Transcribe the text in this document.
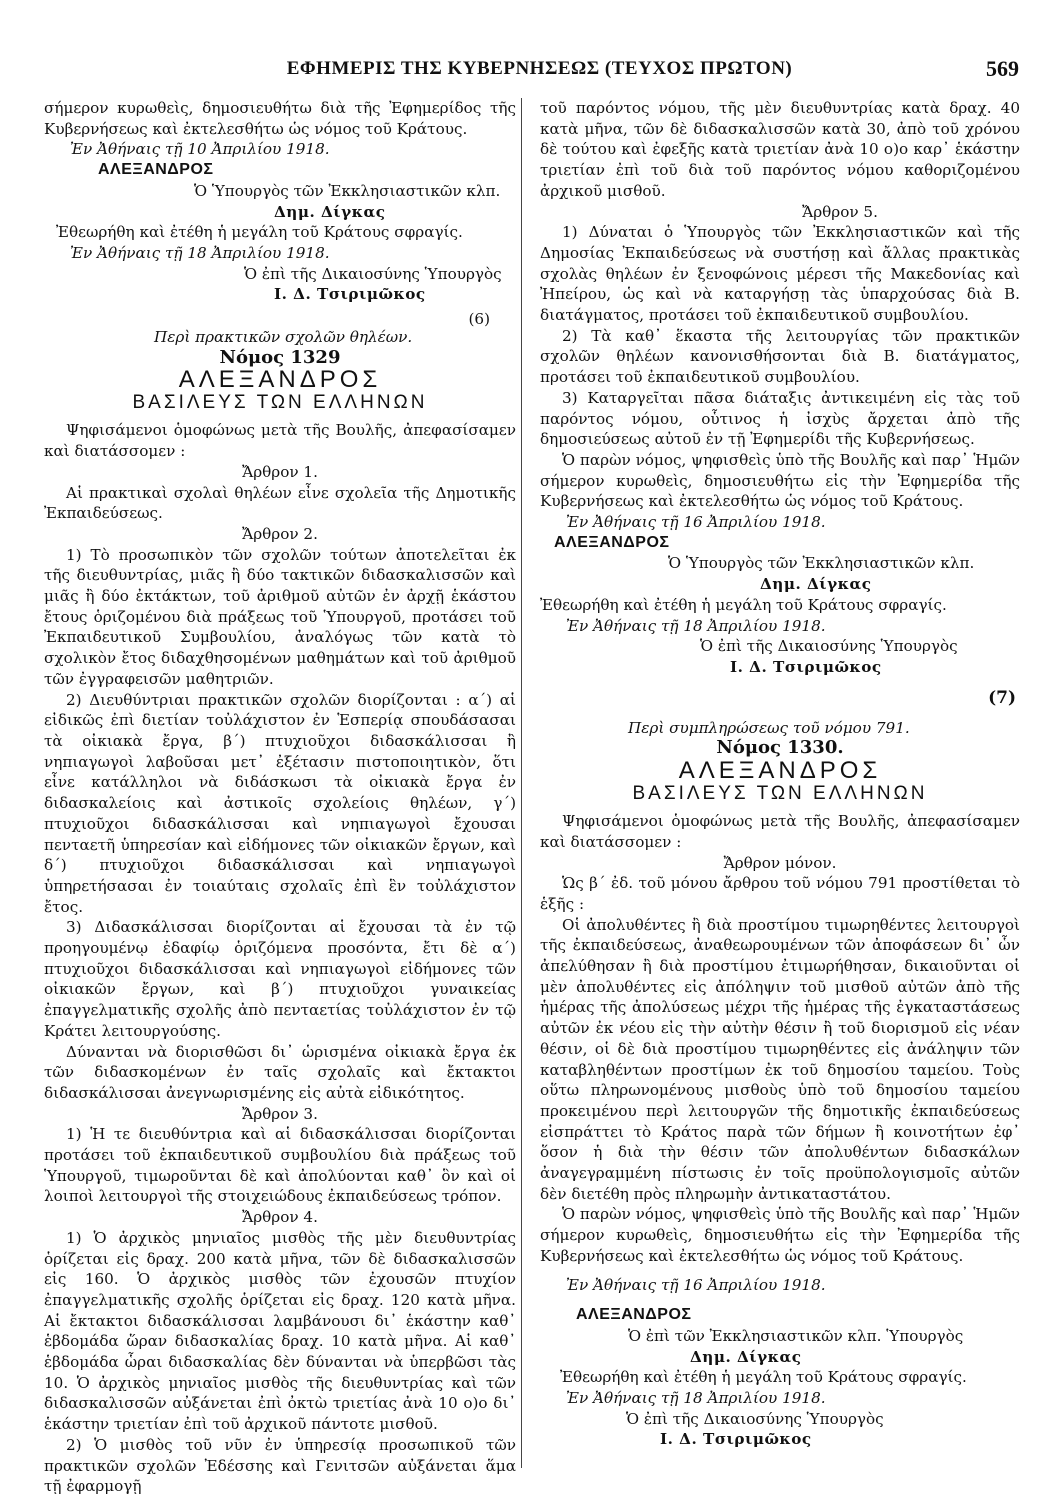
ΕΦΗΜΕΡΙΣ ΤΗΣ ΚΥΒΕΡΝΗΣΕΩΣ (ΤΕΥΧΟΣ ΠΡΩΤΟΝ)	569

σήμερον κυρωθεὶς, δημοσιευθήτω διὰ τῆς Ἐφημερίδος τῆς Κυβερνήσεως καὶ ἐκτελεσθήτω ὡς νόμος τοῦ Κράτους.

Ἐν Ἀθήναις τῇ 10 Ἀπριλίου 1918.

ΑΛΕΞΑΝΔΡΟΣ

Ὁ Ὑπουργὸς τῶν Ἐκκλησιαστικῶν κλπ.

Δημ. Δίγκας

Ἐθεωρήθη καὶ ἐτέθη ἡ μεγάλη τοῦ Κράτους σφραγίς.

Ἐν Ἀθήναις τῇ 18 Ἀπριλίου 1918.

Ὁ ἐπὶ τῆς Δικαιοσύνης Ὑπουργὸς

Ι. Δ. Τσιριμῶκος

(6)

Περὶ πρακτικῶν σχολῶν θηλέων.

Νόμος 1329

ΑΛΕΞΑΝΔΡΟΣ

ΒΑΣΙΛΕΥΣ ΤΩΝ ΕΛΛΗΝΩΝ

Ψηφισάμενοι ὁμοφώνως μετὰ τῆς Βουλῆς, ἀπεφασίσαμεν καὶ διατάσσομεν :

Ἄρθρον 1.

Αἱ πρακτικαὶ σχολαὶ θηλέων εἶνε σχολεῖα τῆς Δημοτικῆς Ἐκπαιδεύσεως.

Ἄρθρον 2.

1) Τὸ προσωπικὸν τῶν σχολῶν τούτων ἀποτελεῖται ἐκ τῆς διευθυντρίας, μιᾶς ἢ δύο τακτικῶν διδασκαλισσῶν καὶ μιᾶς ἢ δύο ἐκτάκτων, τοῦ ἀριθμοῦ αὐτῶν ἐν ἀρχῇ ἑκάστου ἔτους ὁριζομένου διὰ πράξεως τοῦ Ὑπουργοῦ, προτάσει τοῦ Ἐκπαιδευτικοῦ Συμβουλίου, ἀναλόγως τῶν κατὰ τὸ σχολικὸν ἔτος διδαχθησομένων μαθημάτων καὶ τοῦ ἀριθμοῦ τῶν ἐγγραφεισῶν μαθητριῶν.

2) Διευθύντριαι πρακτικῶν σχολῶν διορίζονται : α΄) αἱ εἰδικῶς ἐπὶ διετίαν τοὐλάχιστον ἐν Ἑσπερίᾳ σπουδάσασαι τὰ οἰκιακὰ ἔργα, β΄) πτυχιοῦχοι διδασκάλισσαι ἢ νηπιαγωγοὶ λαβοῦσαι μετ᾽ ἐξέτασιν πιστοποιητικὸν, ὅτι εἶνε κατάλληλοι νὰ διδάσκωσι τὰ οἰκιακὰ ἔργα ἐν διδασκαλείοις καὶ ἀστικοῖς σχολείοις θηλέων, γ΄) πτυχιοῦχοι διδασκάλισσαι καὶ νηπιαγωγοὶ ἔχουσαι πενταετῆ ὑπηρεσίαν καὶ εἰδήμονες τῶν οἰκιακῶν ἔργων, καὶ δ΄) πτυχιοῦχοι διδασκάλισσαι καὶ νηπιαγωγοὶ ὑπηρετήσασαι ἐν τοιαύταις σχολαῖς ἐπὶ ἓν τοὐλάχιστον ἔτος.

3) Διδασκάλισσαι διορίζονται αἱ ἔχουσαι τὰ ἐν τῷ προηγουμένῳ ἐδαφίῳ ὁριζόμενα προσόντα, ἔτι δὲ α΄) πτυχιοῦχοι διδασκάλισσαι καὶ νηπιαγωγοὶ εἰδήμονες τῶν οἰκιακῶν ἔργων, καὶ β΄) πτυχιοῦχοι γυναικείας ἐπαγγελματικῆς σχολῆς ἀπὸ πενταετίας τοὐλάχιστον ἐν τῷ Κράτει λειτουργούσης.

Δύνανται νὰ διορισθῶσι δι᾽ ὡρισμένα οἰκιακὰ ἔργα ἐκ τῶν διδασκομένων ἐν ταῖς σχολαῖς καὶ ἔκτακτοι διδασκάλισσαι ἀνεγνωρισμένης εἰς αὐτὰ εἰδικότητος.

Ἄρθρον 3.

1) Ἡ τε διευθύντρια καὶ αἱ διδασκάλισσαι διορίζονται προτάσει τοῦ ἐκπαιδευτικοῦ συμβουλίου διὰ πράξεως τοῦ Ὑπουργοῦ, τιμωροῦνται δὲ καὶ ἀπολύονται καθ᾽ ὃν καὶ οἱ λοιποὶ λειτουργοὶ τῆς στοιχειώδους ἐκπαιδεύσεως τρόπον.

Ἄρθρον 4.

1) Ὁ ἀρχικὸς μηνιαῖος μισθὸς τῆς μὲν διευθυντρίας ὁρίζεται εἰς δραχ. 200 κατὰ μῆνα, τῶν δὲ διδασκαλισσῶν εἰς 160. Ὁ ἀρχικὸς μισθὸς τῶν ἐχουσῶν πτυχίον ἐπαγγελματικῆς σχολῆς ὁρίζεται εἰς δραχ. 120 κατὰ μῆνα. Αἱ ἔκτακτοι διδασκάλισσαι λαμβάνουσι δι᾽ ἑκάστην καθ᾽ ἑβδομάδα ὥραν διδασκαλίας δραχ. 10 κατὰ μῆνα. Αἱ καθ᾽ ἑβδομάδα ὧραι διδασκαλίας δὲν δύνανται νὰ ὑπερβῶσι τὰς 10. Ὁ ἀρχικὸς μηνιαῖος μισθὸς τῆς διευθυντρίας καὶ τῶν διδασκαλισσῶν αὐξάνεται ἐπὶ ὀκτὼ τριετίας ἀνὰ 10 ο)ο δι᾽ ἑκάστην τριετίαν ἐπὶ τοῦ ἀρχικοῦ πάντοτε μισθοῦ.

2) Ὁ μισθὸς τοῦ νῦν ἐν ὑπηρεσίᾳ προσωπικοῦ τῶν πρακτικῶν σχολῶν Ἐδέσσης καὶ Γενιτσῶν αὐξάνεται ἅμα τῇ ἐφαρμογῇ

τοῦ παρόντος νόμου, τῆς μὲν διευθυντρίας κατὰ δραχ. 40 κατὰ μῆνα, τῶν δὲ διδασκαλισσῶν κατὰ 30, ἀπὸ τοῦ χρόνου δὲ τούτου καὶ ἐφεξῆς κατὰ τριετίαν ἀνὰ 10 ο)ο καρ᾽ ἑκάστην τριετίαν ἐπὶ τοῦ διὰ τοῦ παρόντος νόμου καθοριζομένου ἀρχικοῦ μισθοῦ.

Ἄρθρον 5.

1) Δύναται ὁ Ὑπουργὸς τῶν Ἐκκλησιαστικῶν καὶ τῆς Δημοσίας Ἐκπαιδεύσεως νὰ συστήσῃ καὶ ἄλλας πρακτικὰς σχολὰς θηλέων ἐν ξενοφώνοις μέρεσι τῆς Μακεδονίας καὶ Ἠπείρου, ὡς καὶ νὰ καταργήσῃ τὰς ὑπαρχούσας διὰ Β. διατάγματος, προτάσει τοῦ ἐκπαιδευτικοῦ συμβουλίου.

2) Τὰ καθ᾽ ἕκαστα τῆς λειτουργίας τῶν πρακτικῶν σχολῶν θηλέων κανονισθήσονται διὰ Β. διατάγματος, προτάσει τοῦ ἐκπαιδευτικοῦ συμβουλίου.

3) Καταργεῖται πᾶσα διάταξις ἀντικειμένη εἰς τὰς τοῦ παρόντος νόμου, οὗτινος ἡ ἰσχὺς ἄρχεται ἀπὸ τῆς δημοσιεύσεως αὐτοῦ ἐν τῇ Ἐφημερίδι τῆς Κυβερνήσεως.

Ὁ παρὼν νόμος, ψηφισθεὶς ὑπὸ τῆς Βουλῆς καὶ παρ᾽ Ἡμῶν σήμερον κυρωθεὶς, δημοσιευθήτω εἰς τὴν Ἐφημερίδα τῆς Κυβερνήσεως καὶ ἐκτελεσθήτω ὡς νόμος τοῦ Κράτους.

Ἐν Ἀθήναις τῇ 16 Ἀπριλίου 1918.

ΑΛΕΞΑΝΔΡΟΣ

Ὁ Ὑπουργὸς τῶν Ἐκκλησιαστικῶν κλπ.

Δημ. Δίγκας

Ἐθεωρήθη καὶ ἐτέθη ἡ μεγάλη τοῦ Κράτους σφραγίς.

Ἐν Ἀθήναις τῇ 18 Ἀπριλίου 1918.

Ὁ ἐπὶ τῆς Δικαιοσύνης Ὑπουργὸς

Ι. Δ. Τσιριμῶκος

(7)

Περὶ συμπληρώσεως τοῦ νόμου 791.

Νόμος 1330.

ΑΛΕΞΑΝΔΡΟΣ

ΒΑΣΙΛΕΥΣ ΤΩΝ ΕΛΛΗΝΩΝ

Ψηφισάμενοι ὁμοφώνως μετὰ τῆς Βουλῆς, ἀπεφασίσαμεν καὶ διατάσσομεν :

Ἄρθρον μόνον.

Ὡς β΄ ἐδ. τοῦ μόνου ἄρθρου τοῦ νόμου 791 προστίθεται τὸ ἑξῆς :

Οἱ ἀπολυθέντες ἢ διὰ προστίμου τιμωρηθέντες λειτουργοὶ τῆς ἐκπαιδεύσεως, ἀναθεωρουμένων τῶν ἀποφάσεων δι᾽ ὧν ἀπελύθησαν ἢ διὰ προστίμου ἐτιμωρήθησαν, δικαιοῦνται οἱ μὲν ἀπολυθέντες εἰς ἀπόληψιν τοῦ μισθοῦ αὐτῶν ἀπὸ τῆς ἡμέρας τῆς ἀπολύσεως μέχρι τῆς ἡμέρας τῆς ἐγκαταστάσεως αὐτῶν ἐκ νέου εἰς τὴν αὐτὴν θέσιν ἢ τοῦ διορισμοῦ εἰς νέαν θέσιν, οἱ δὲ διὰ προστίμου τιμωρηθέντες εἰς ἀνάληψιν τῶν καταβληθέντων προστίμων ἐκ τοῦ δημοσίου ταμείου. Τοὺς οὕτω πληρωνομένους μισθοὺς ὑπὸ τοῦ δημοσίου ταμείου προκειμένου περὶ λειτουργῶν τῆς δημοτικῆς ἐκπαιδεύσεως εἰσπράττει τὸ Κράτος παρὰ τῶν δήμων ἢ κοινοτήτων ἐφ᾽ ὅσον ἡ διὰ τὴν θέσιν τῶν ἀπολυθέντων διδασκάλων ἀναγεγραμμένη πίστωσις ἐν τοῖς προϋπολογισμοῖς αὐτῶν δὲν διετέθη πρὸς πληρωμὴν ἀντικαταστάτου.

Ὁ παρὼν νόμος, ψηφισθεὶς ὑπὸ τῆς Βουλῆς καὶ παρ᾽ Ἡμῶν σήμερον κυρωθεὶς, δημοσιευθήτω εἰς τὴν Ἐφημερίδα τῆς Κυβερνήσεως καὶ ἐκτελεσθήτω ὡς νόμος τοῦ Κράτους.

Ἐν Ἀθήναις τῇ 16 Ἀπριλίου 1918.

ΑΛΕΞΑΝΔΡΟΣ

Ὁ ἐπὶ τῶν Ἐκκλησιαστικῶν κλπ. Ὑπουργὸς

Δημ. Δίγκας

Ἐθεωρήθη καὶ ἐτέθη ἡ μεγάλη τοῦ Κράτους σφραγίς.

Ἐν Ἀθήναις τῇ 18 Ἀπριλίου 1918.

Ὁ ἐπὶ τῆς Δικαιοσύνης Ὑπουργὸς

Ι. Δ. Τσιριμῶκος
